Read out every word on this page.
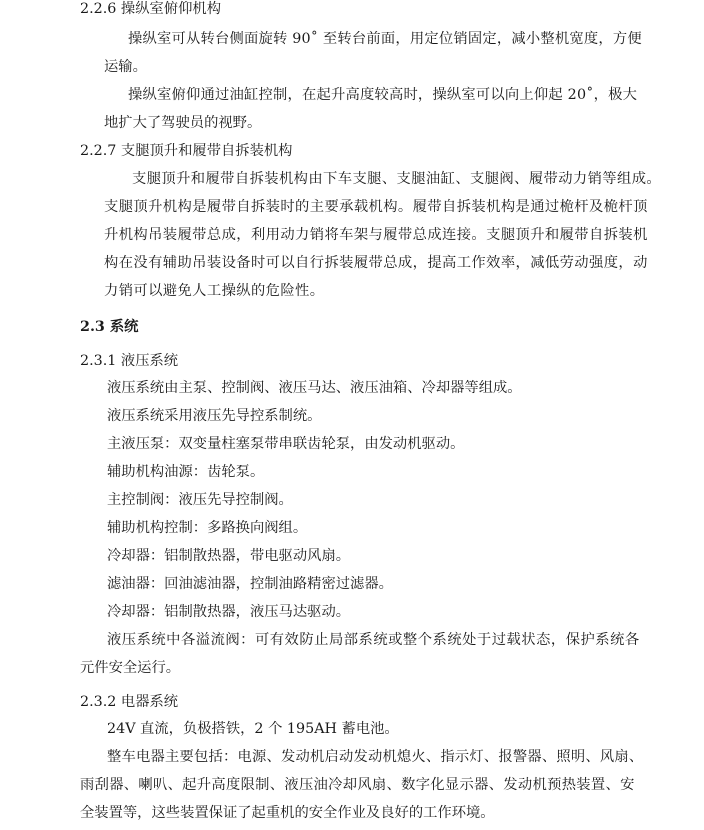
2.2.6 操纵室俯仰机构
操纵室可从转台侧面旋转 90˚ 至转台前面，用定位销固定，减小整机宽度，方便
运输。
操纵室俯仰通过油缸控制，在起升高度较高时，操纵室可以向上仰起 20˚，极大
地扩大了驾驶员的视野。
2.2.7 支腿顶升和履带自拆装机构
支腿顶升和履带自拆装机构由下车支腿、支腿油缸、支腿阀、履带动力销等组成。
支腿顶升机构是履带自拆装时的主要承载机构。履带自拆装机构是通过桅杆及桅杆顶
升机构吊装履带总成，利用动力销将车架与履带总成连接。支腿顶升和履带自拆装机
构在没有辅助吊装设备时可以自行拆装履带总成，提高工作效率，减低劳动强度，动
力销可以避免人工操纵的危险性。
2.3 系统
2.3.1 液压系统
液压系统由主泵、控制阀、液压马达、液压油箱、冷却器等组成。
液压系统采用液压先导控系制统。
主液压泵：双变量柱塞泵带串联齿轮泵，由发动机驱动。
辅助机构油源：齿轮泵。
主控制阀：液压先导控制阀。
辅助机构控制：多路换向阀组。
冷却器：铝制散热器，带电驱动风扇。
滤油器：回油滤油器，控制油路精密过滤器。
冷却器：铝制散热器，液压马达驱动。
液压系统中各溢流阀：可有效防止局部系统或整个系统处于过载状态，保护系统各
元件安全运行。
2.3.2 电器系统
24V 直流，负极搭铁，2 个 195AH 蓄电池。
整车电器主要包括：电源、发动机启动发动机熄火、指示灯、报警器、照明、风扇、
雨刮器、喇叭、起升高度限制、液压油冷却风扇、数字化显示器、发动机预热装置、安
全装置等，这些装置保证了起重机的安全作业及良好的工作环境。
